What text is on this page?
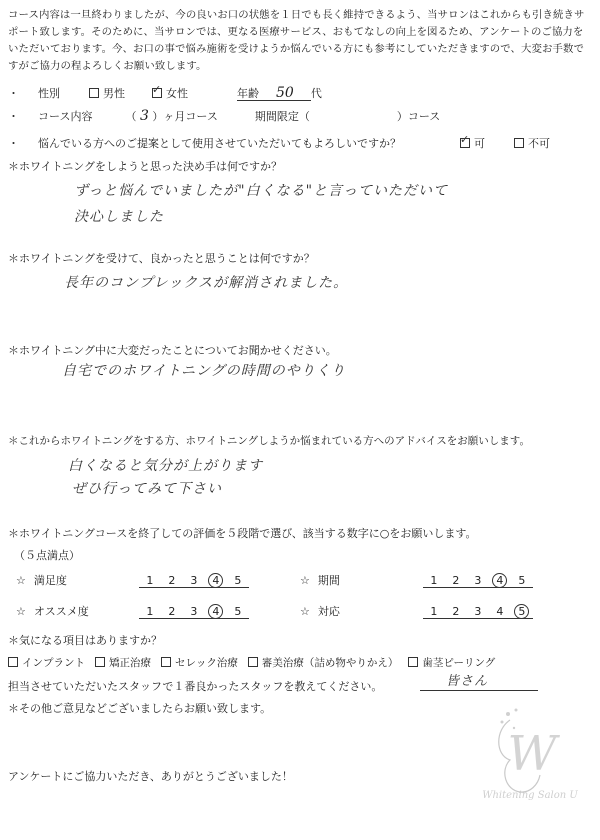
コース内容は一旦終わりましたが、今の良いお口の状態を１日でも長く維持できるよう、当サロンはこれからも引き続きサポート致します。そのために、当サロンでは、更なる医療サービス、おもてなしの向上を図るため、アンケートのご協力をいただいております。今、お口の事で悩み施術を受けようか悩んでいる方にも参考にしていただきますので、大変お手数ですがご協力の程よろしくお願い致します。
・ 性別	男性 ✓	女性	年齢 50 代
・ コース内容	（ 3 ）ヶ月コース	期間限定（	）コース
・ 悩んでいる方へのご提案として使用させていただいてもよろしいですか？ ✓	可	不可
＊ホワイトニングをしようと思った決め手は何ですか？
ずっと悩んでいましたが"白くなる"と言っていただいて
決心しました
＊ホワイトニングを受けて、良かったと思うことは何ですか？
長年のコンプレックスが解消されました。
＊ホワイトニング中に大変だったことについてお聞かせください。
自宅でのホワイトニングの時間のやりくり
＊これからホワイトニングをする方、ホワイトニングしようか悩まれている方へのアドバイスをお願いします。
白くなると気分が上がります
ぜひ行ってみて下さい
＊ホワイトニングコースを終了しての評価を５段階で選び、該当する数字に○をお願いします。
（５点満点）
☆ 満足度	1 2 3 4 5	☆ 期間	1 2 3 4 5
☆ オススメ度	1 2 3 4 5	☆ 対応	1 2 3 4 5
＊気になる項目はありますか？
インプラント 矯正治療 セレック治療 審美治療（詰め物やりかえ） 歯茎ピーリング
担当させていただいたスタッフで１番良かったスタッフを教えてください。	皆さん
＊その他ご意見などございましたらお願い致します。
アンケートにご協力いただき、ありがとうございました！	W
Whitening Salon U
